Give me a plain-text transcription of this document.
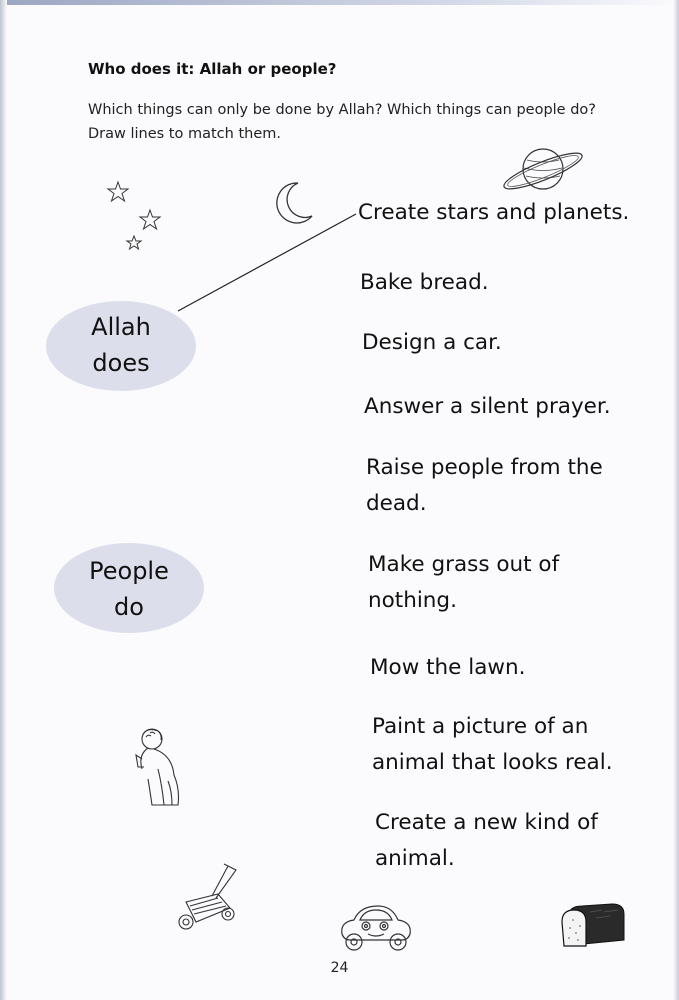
Who does it: Allah or people?
Which things can only be done by Allah? Which things can people do?
Draw lines to match them.
Allah
does
People
do
Create stars and planets.
Bake bread.
Design a car.
Answer a silent prayer.
Raise people from the
dead.
Make grass out of
nothing.
Mow the lawn.
Paint a picture of an
animal that looks real.
Create a new kind of
animal.
24
